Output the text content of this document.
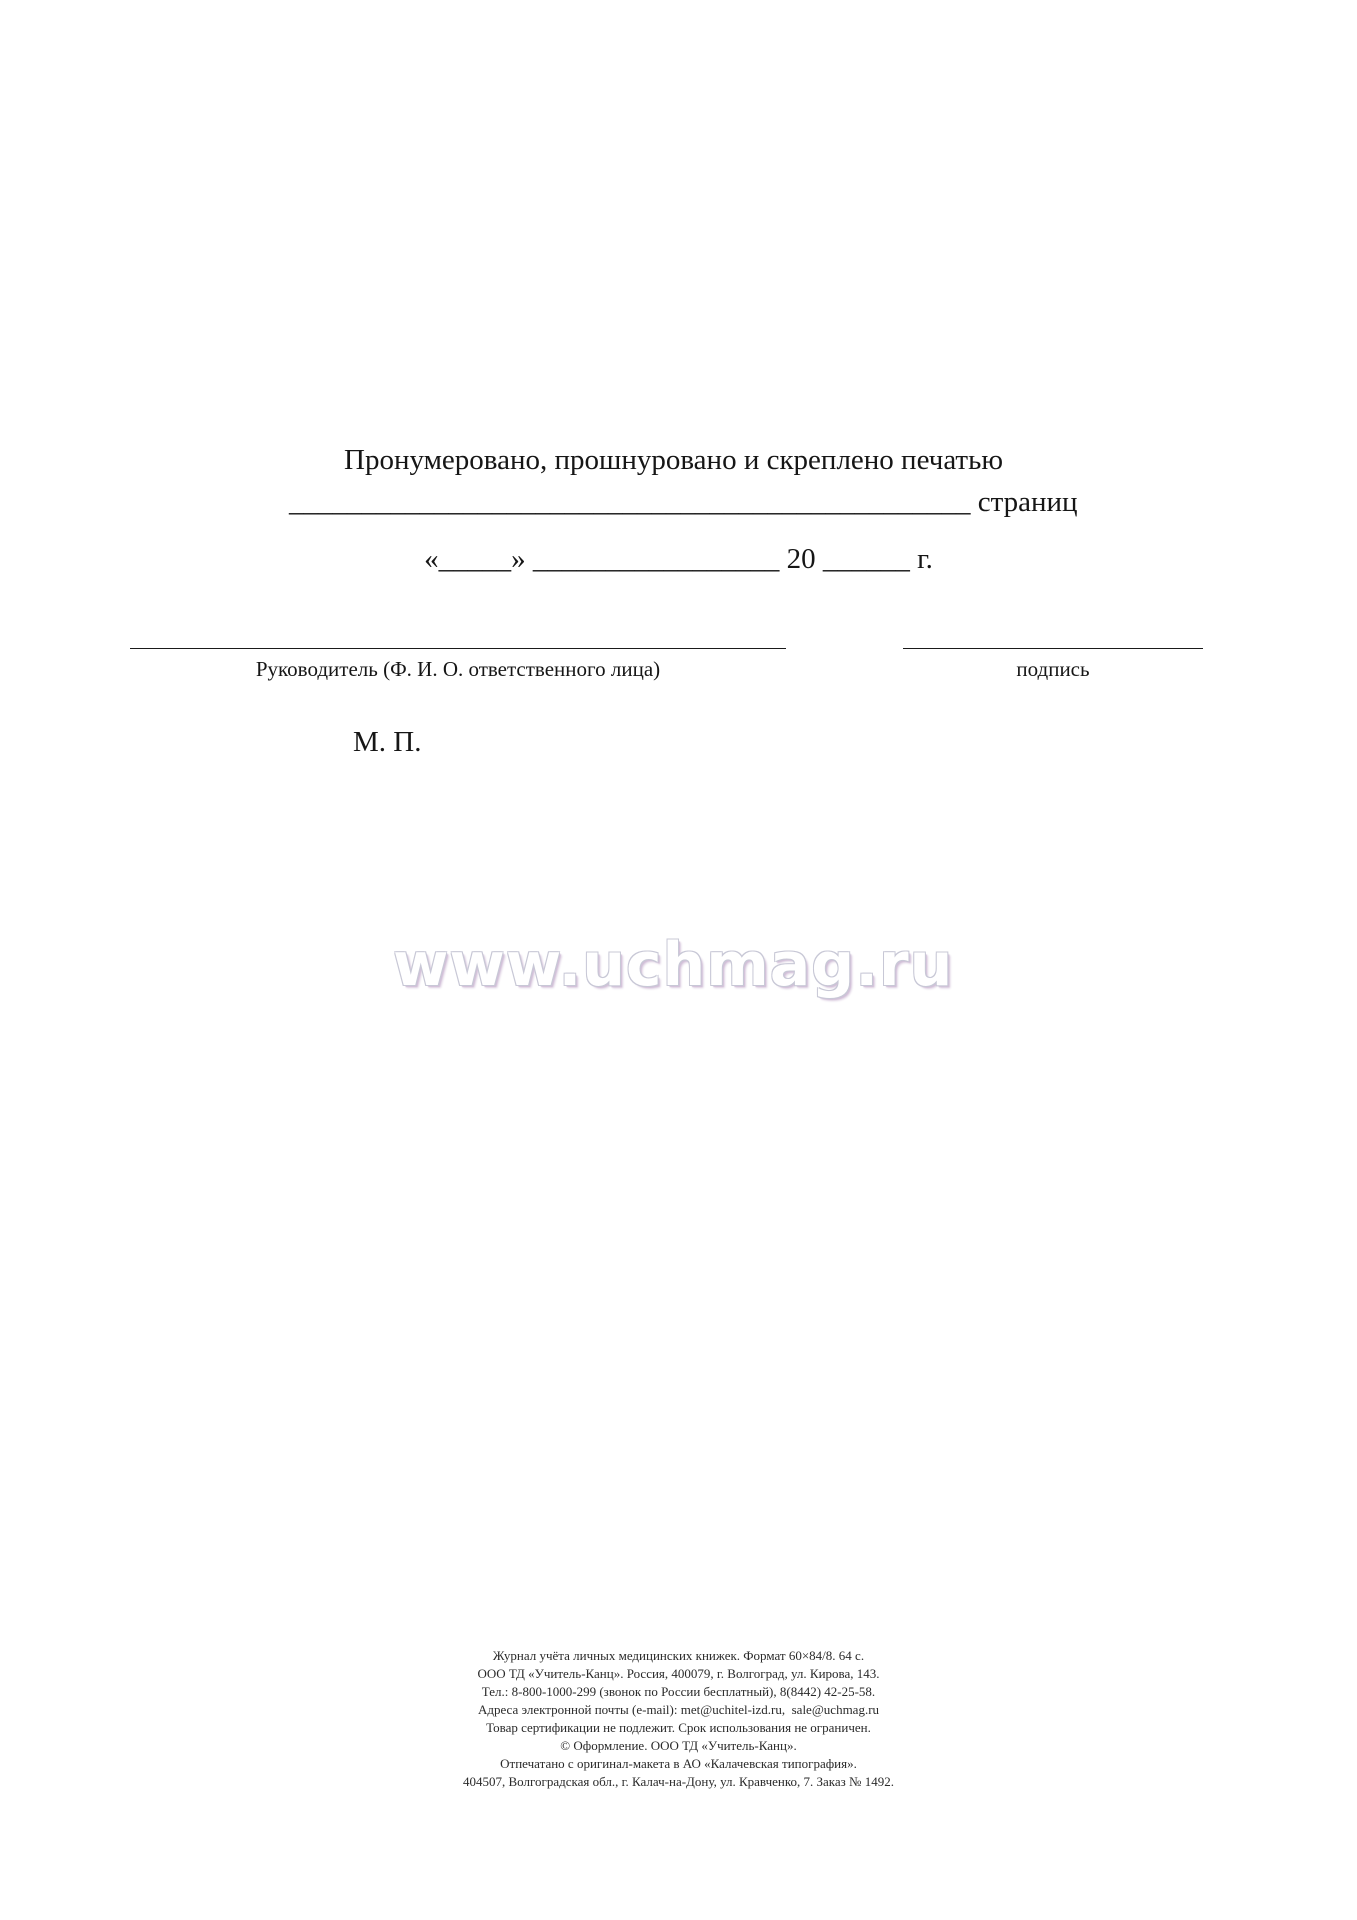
Пронумеровано, прошнуровано и скреплено печатью
_______________________________________________ страниц
«_____» _________________ 20 ______ г.
Руководитель (Ф. И. О. ответственного лица)	подпись
М. П.
www.uchmag.ru
Журнал учёта личных медицинских книжек. Формат 60×84/8. 64 с.
ООО ТД «Учитель-Канц». Россия, 400079, г. Волгоград, ул. Кирова, 143.
Тел.: 8-800-1000-299 (звонок по России бесплатный), 8(8442) 42-25-58.
Адреса электронной почты (e-mail): met@uchitel-izd.ru,  sale@uchmag.ru
Товар сертификации не подлежит. Срок использования не ограничен.
© Оформление. ООО ТД «Учитель-Канц».
Отпечатано с оригинал-макета в АО «Калачевская типография».
404507, Волгоградская обл., г. Калач-на-Дону, ул. Кравченко, 7. Заказ № 1492.
